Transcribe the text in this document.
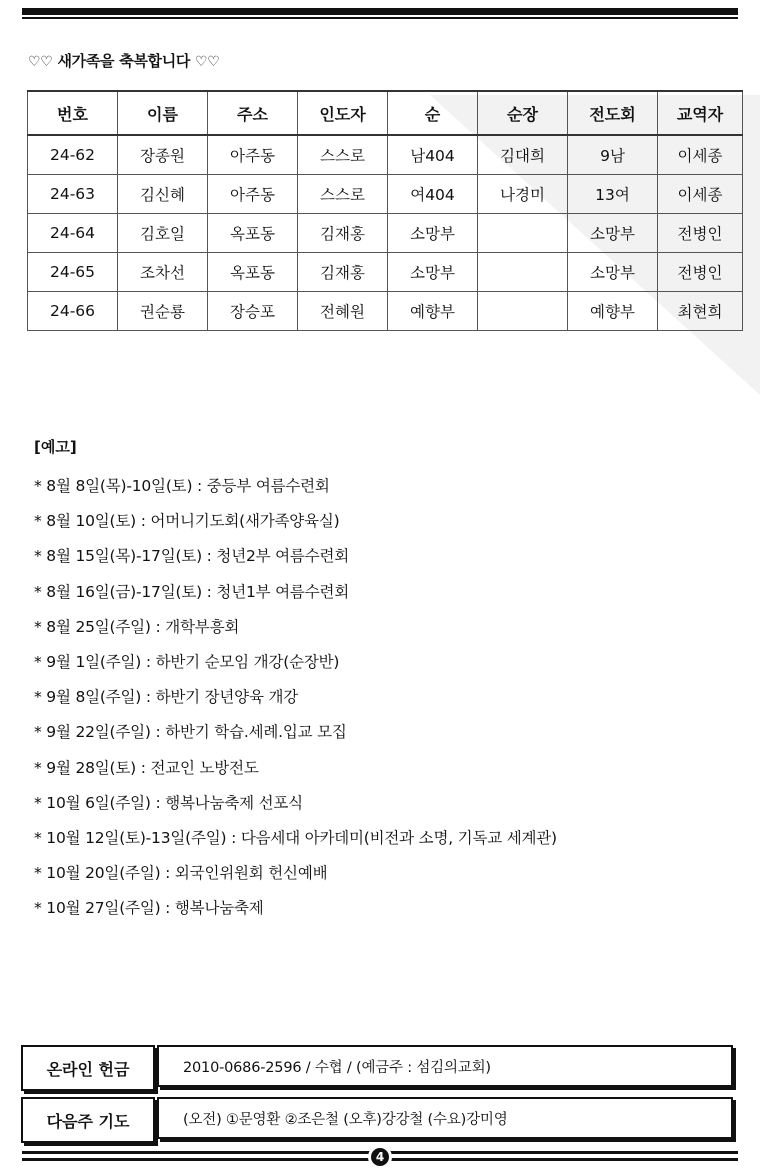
♡♡ 새가족을 축복합니다 ♡♡
번호	이름	주소	인도자	순	순장	전도회	교역자
24-62	장종원	아주동	스스로	남404	김대희	9남	이세종
24-63	김신혜	아주동	스스로	여404	나경미	13여	이세종
24-64	김호일	옥포동	김재홍	소망부		소망부	전병인
24-65	조차선	옥포동	김재홍	소망부		소망부	전병인
24-66	권순룡	장승포	전혜원	예향부		예향부	최현희
[예고]
* 8월 8일(목)-10일(토) : 중등부 여름수련회
* 8월 10일(토) : 어머니기도회(새가족양육실)
* 8월 15일(목)-17일(토) : 청년2부 여름수련회
* 8월 16일(금)-17일(토) : 청년1부 여름수련회
* 8월 25일(주일) : 개학부흥회
* 9월 1일(주일) : 하반기 순모임 개강(순장반)
* 9월 8일(주일) : 하반기 장년양육 개강
* 9월 22일(주일) : 하반기 학습.세례.입교 모집
* 9월 28일(토) : 전교인 노방전도
* 10월 6일(주일) : 행복나눔축제 선포식
* 10월 12일(토)-13일(주일) : 다음세대 아카데미(비전과 소명, 기독교 세계관)
* 10월 20일(주일) : 외국인위원회 헌신예배
* 10월 27일(주일) : 행복나눔축제
온라인 헌금	2010-0686-2596 / 수협 / (예금주 : 섬김의교회)
다음주 기도	(오전) ①문영환 ②조은철 (오후)강강철 (수요)강미영
4
